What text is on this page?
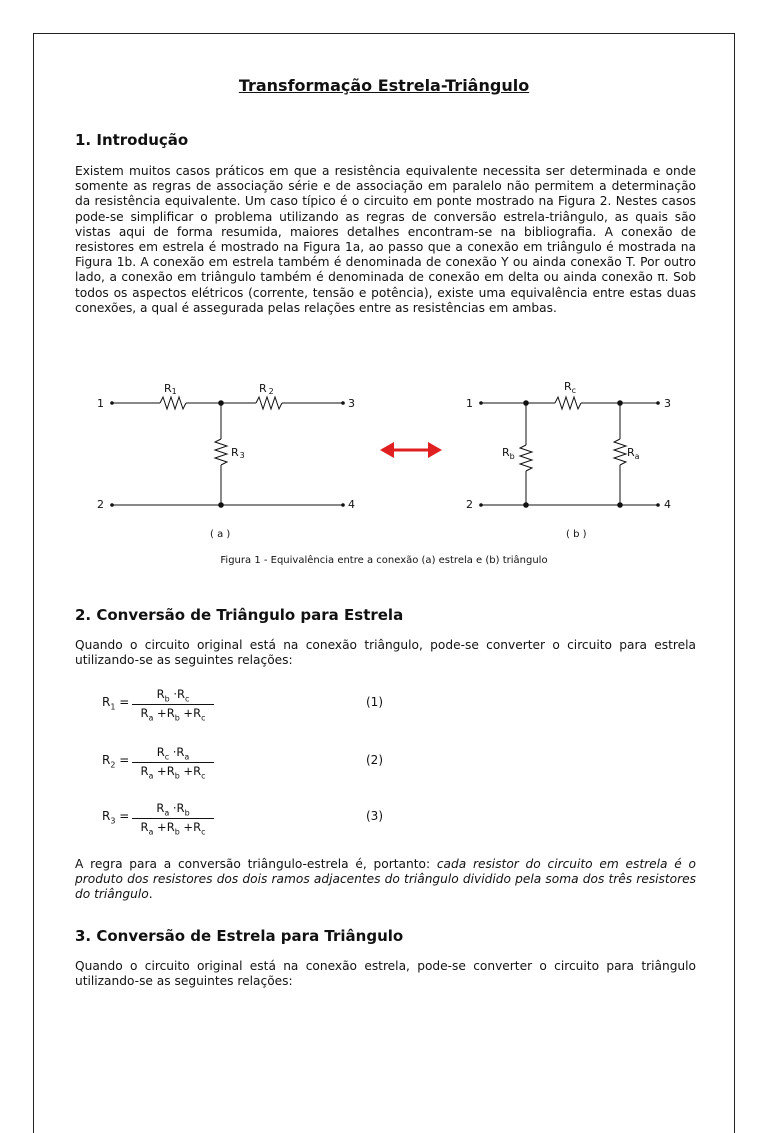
Transformação Estrela-Triângulo
1. Introdução

Existem muitos casos práticos em que a resistência equivalente necessita ser determinada e onde somente as regras de associação série e de associação em paralelo não permitem a determinação da resistência equivalente. Um caso típico é o circuito em ponte mostrado na Figura 2. Nestes casos pode-se simplificar o problema utilizando as regras de conversão estrela-triângulo, as quais são vistas aqui de forma resumida, maiores detalhes encontram-se na bibliografia. A conexão de resistores em estrela é mostrado na Figura 1a, ao passo que a conexão em triângulo é mostrada na Figura 1b. A conexão em estrela também é denominada de conexão Y ou ainda conexão T. Por outro lado, a conexão em triângulo também é denominada de conexão em delta ou ainda conexão π. Sob todos os aspectos elétricos (corrente, tensão e potência), existe uma equivalência entre estas duas conexões, a qual é assegurada pelas relações entre as resistências em ambas.

1
2
3
4
1
2
3
4
R1	R 2
R3
$R_c$
$R_b$	$R_a$
( a )	( b )
Figura 1 - Equivalência entre a conexão (a) estrela e (b) triângulo
2. Conversão de Triângulo para Estrela

Quando o circuito original está na conexão triângulo, pode-se converter o circuito para estrela utilizando-se as seguintes relações:

$R_1 = \frac{R_b \cdot R_c}{R_a +R_b +R_c}$	(1)
$R_2 = \frac{R_c \cdot R_a}{R_a +R_b +R_c}$	(2)
$R_3 = \frac{R_a \cdot R_b}{R_a +R_b +R_c}$	(3)

A regra para a conversão triângulo-estrela é, portanto: cada resistor do circuito em estrela é o produto dos resistores dos dois ramos adjacentes do triângulo dividido pela soma dos três resistores do triângulo.

3. Conversão de Estrela para Triângulo

Quando o circuito original está na conexão estrela, pode-se converter o circuito para triângulo utilizando-se as seguintes relações:
